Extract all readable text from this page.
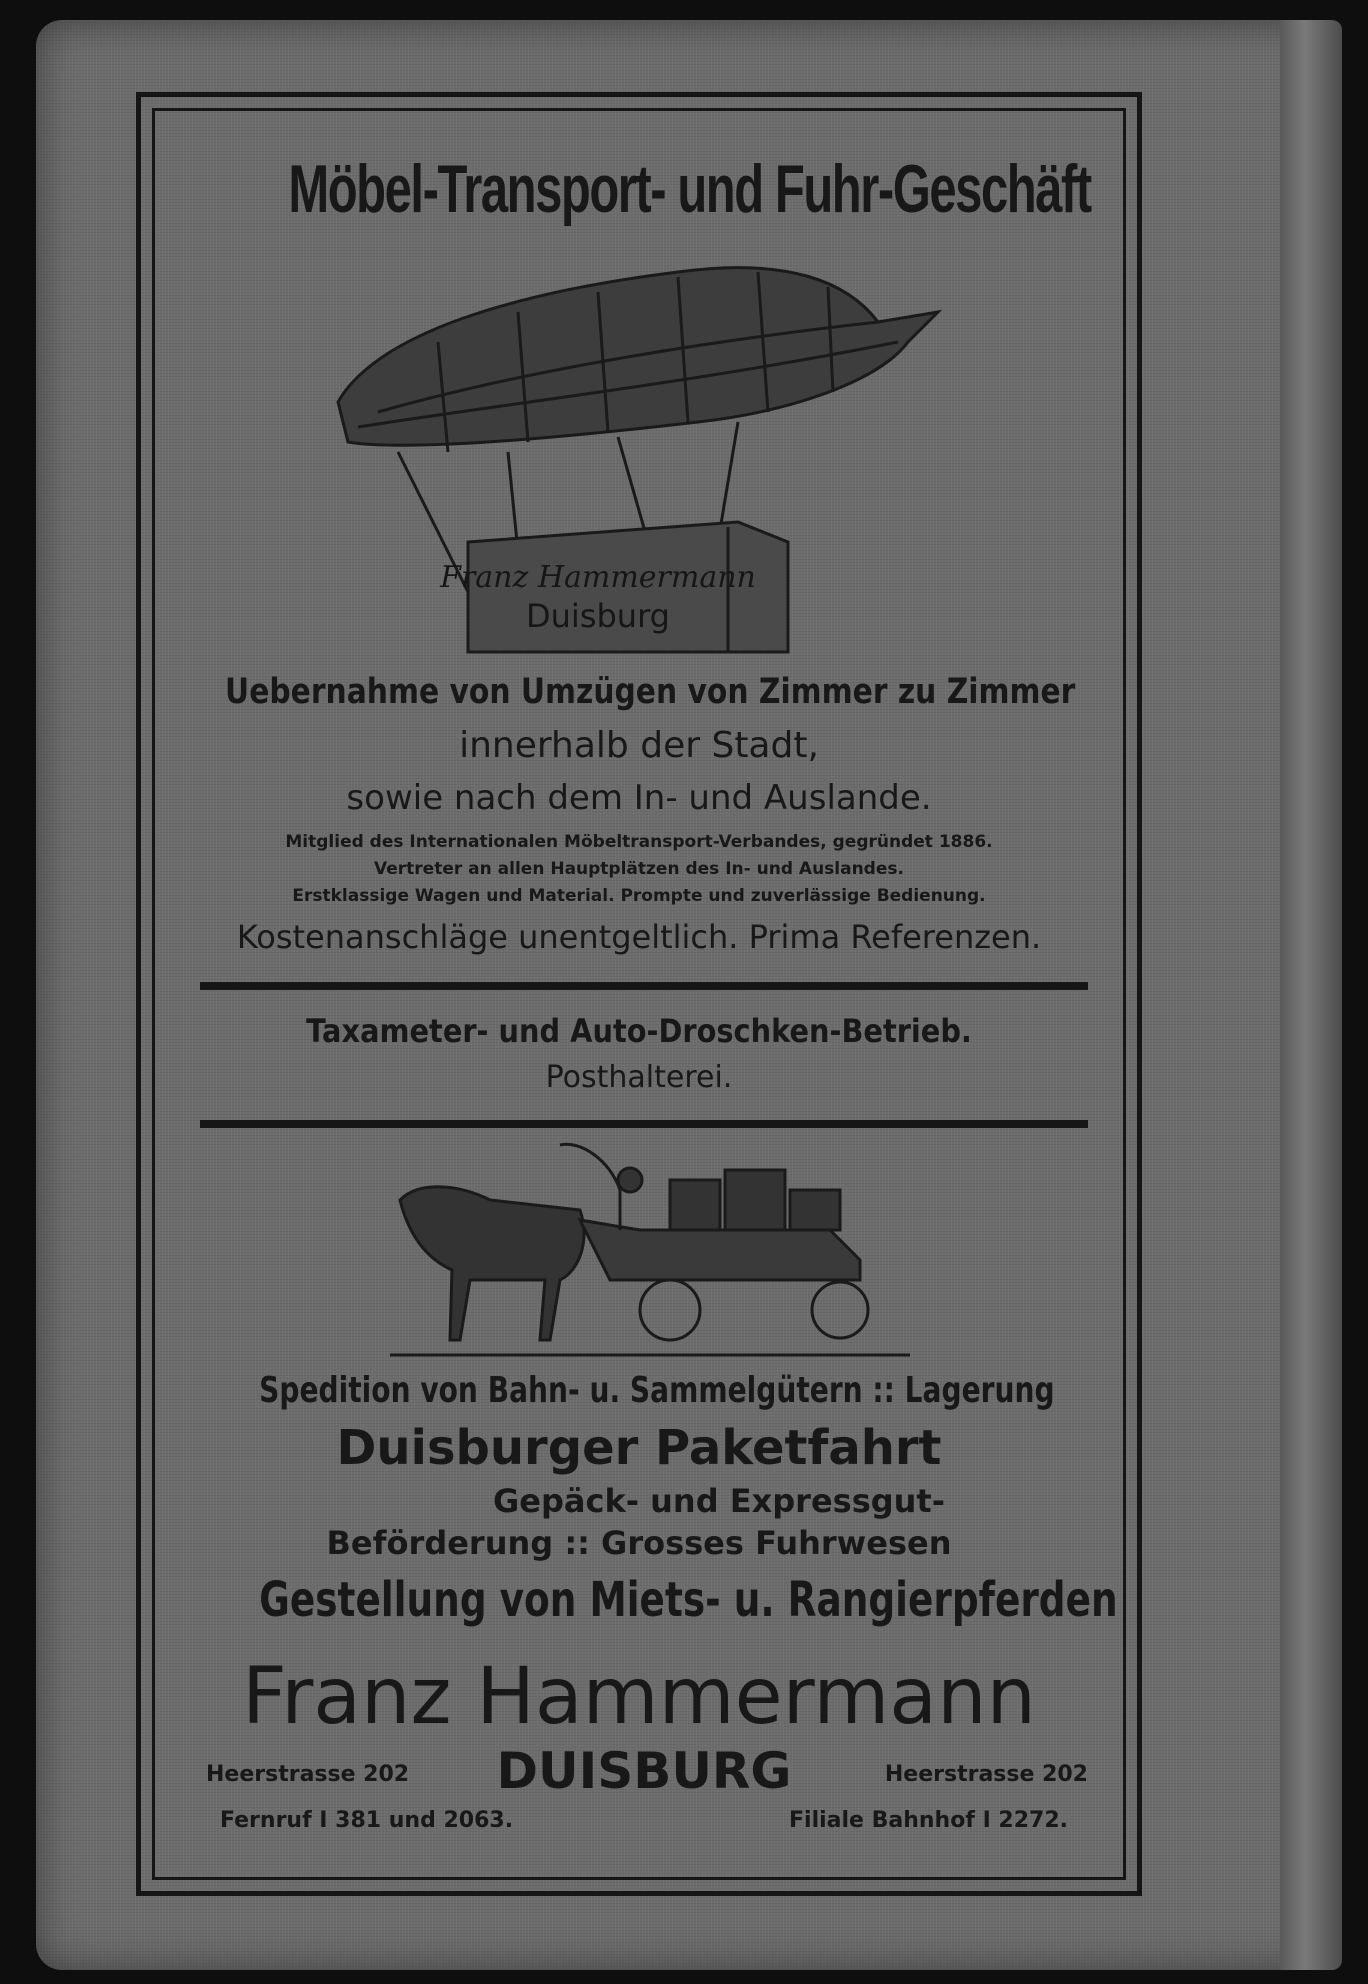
Möbel-Transport- und Fuhr-Geschäft
Franz Hammermann
Duisburg
Uebernahme von Umzügen von Zimmer zu Zimmer
innerhalb der Stadt,
sowie nach dem In- und Auslande.
Mitglied des Internationalen Möbeltransport-Verbandes, gegründet 1886.
Vertreter an allen Hauptplätzen des In- und Auslandes.
Erstklassige Wagen und Material. Prompte und zuverlässige Bedienung.
Kostenanschläge unentgeltlich. Prima Referenzen.
Taxameter- und Auto-Droschken-Betrieb.
Posthalterei.
Spedition von Bahn- u. Sammelgütern :: Lagerung
Duisburger Paketfahrt
Gepäck- und Expressgut-
Beförderung :: Grosses Fuhrwesen
Gestellung von Miets- u. Rangierpferden
Franz Hammermann
Heerstrasse 202	DUISBURG	Heerstrasse 202
Fernruf I 381 und 2063.	Filiale Bahnhof I 2272.
